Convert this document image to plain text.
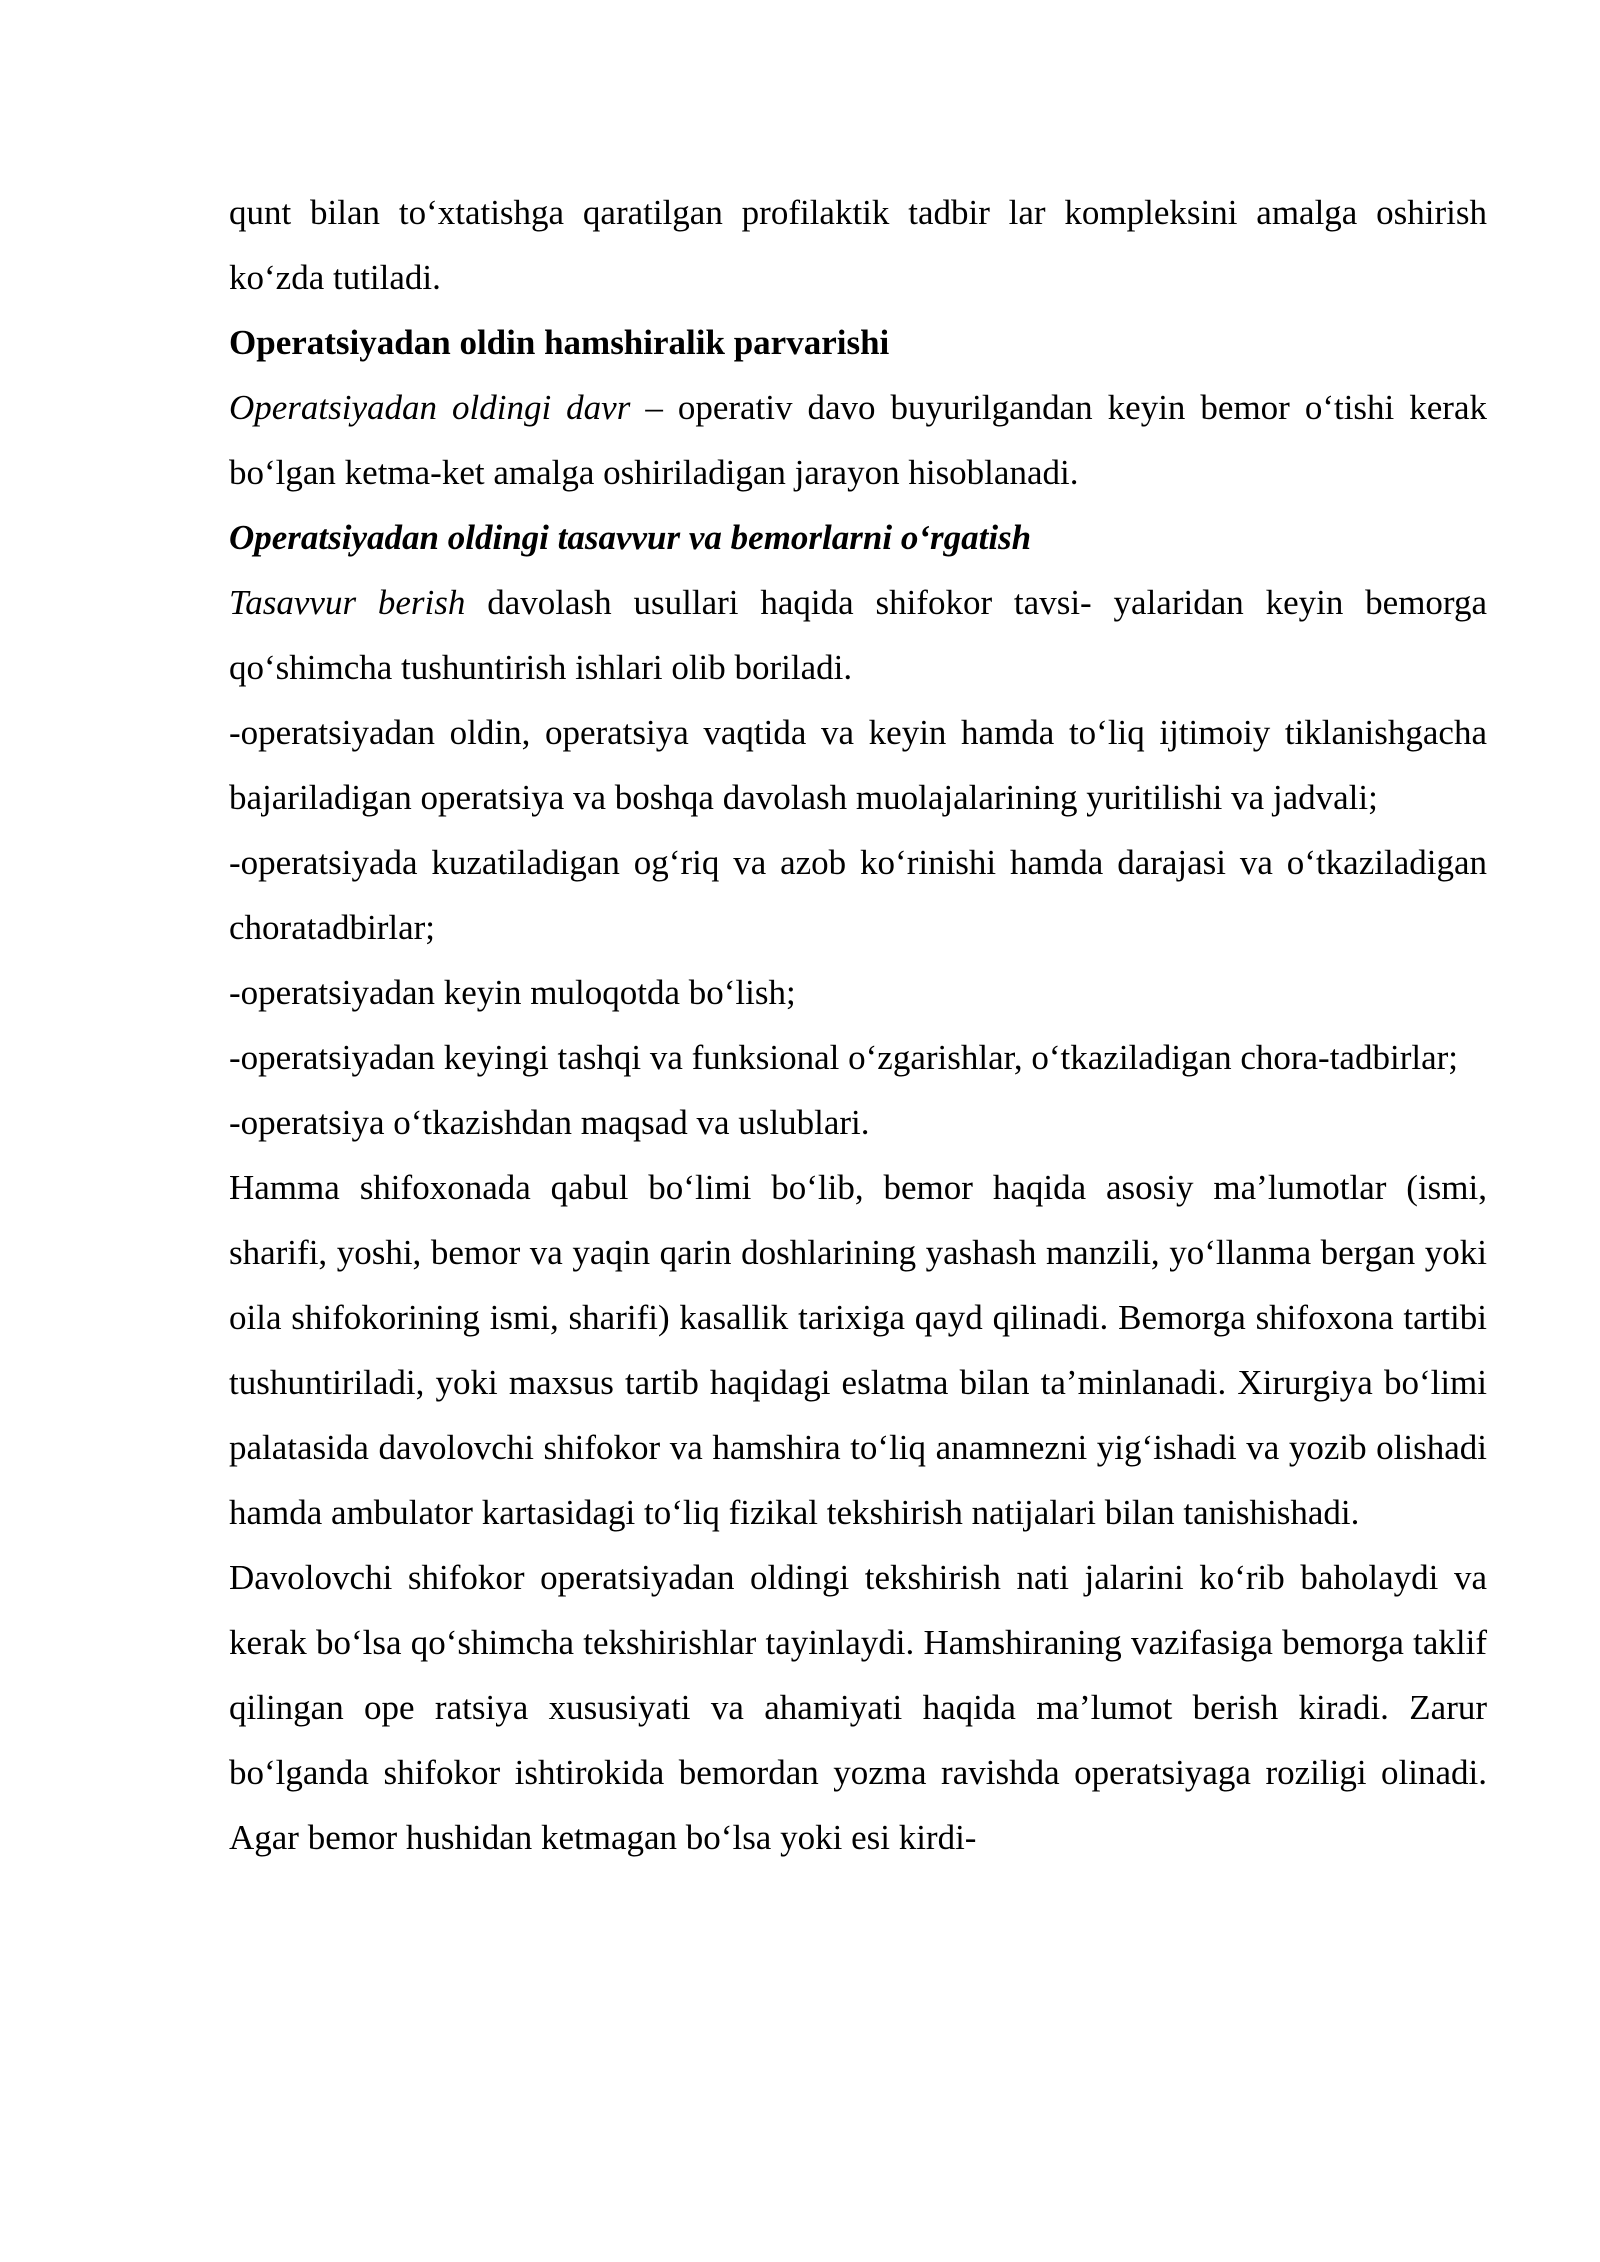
qunt bilan to‘xtatishga qaratilgan profilaktik tadbir lar kompleksini amalga oshirish ko‘zda tutiladi.

Operatsiyadan oldin hamshiralik parvarishi

Operatsiyadan oldingi davr – operativ davo buyurilgandan keyin bemor o‘tishi kerak bo‘lgan ketma-ket amalga oshiriladigan jarayon hisoblanadi.

Operatsiyadan oldingi tasavvur va bemorlarni o‘rgatish

Tasavvur berish davolash usullari haqida shifokor tavsi- yalaridan keyin bemorga qo‘shimcha tushuntirish ishlari olib boriladi.

-operatsiyadan oldin, operatsiya vaqtida va keyin hamda to‘liq ijtimoiy tiklanishgacha bajariladigan operatsiya va boshqa davolash muolajalarining yuritilishi va jadvali;

-operatsiyada kuzatiladigan og‘riq va azob ko‘rinishi hamda darajasi va o‘tkaziladigan choratadbirlar;

-operatsiyadan keyin muloqotda bo‘lish;

-operatsiyadan keyingi tashqi va funksional o‘zgarishlar, o‘tkaziladigan chora-tadbirlar;

-operatsiya o‘tkazishdan maqsad va uslublari.

Hamma shifoxonada qabul bo‘limi bo‘lib, bemor haqida asosiy ma’lumotlar (ismi, sharifi, yoshi, bemor va yaqin qarin doshlarining yashash manzili, yo‘llanma bergan yoki oila shifokorining ismi, sharifi) kasallik tarixiga qayd qilinadi. Bemorga shifoxona tartibi tushuntiriladi, yoki maxsus tartib haqidagi eslatma bilan ta’minlanadi. Xirurgiya bo‘limi palatasida davolovchi shifokor va hamshira to‘liq anamnezni yig‘ishadi va yozib olishadi hamda ambulator kartasidagi to‘liq fizikal tekshirish natijalari bilan tanishishadi.

Davolovchi shifokor operatsiyadan oldingi tekshirish nati jalarini ko‘rib baholaydi va kerak bo‘lsa qo‘shimcha tekshirishlar tayinlaydi. Hamshiraning vazifasiga bemorga taklif qilingan ope ratsiya xususiyati va ahamiyati haqida ma’lumot berish kiradi. Zarur bo‘lganda shifokor ishtirokida bemordan yozma ravishda operatsiyaga roziligi olinadi. Agar bemor hushidan ketmagan bo‘lsa yoki esi kirdi-
